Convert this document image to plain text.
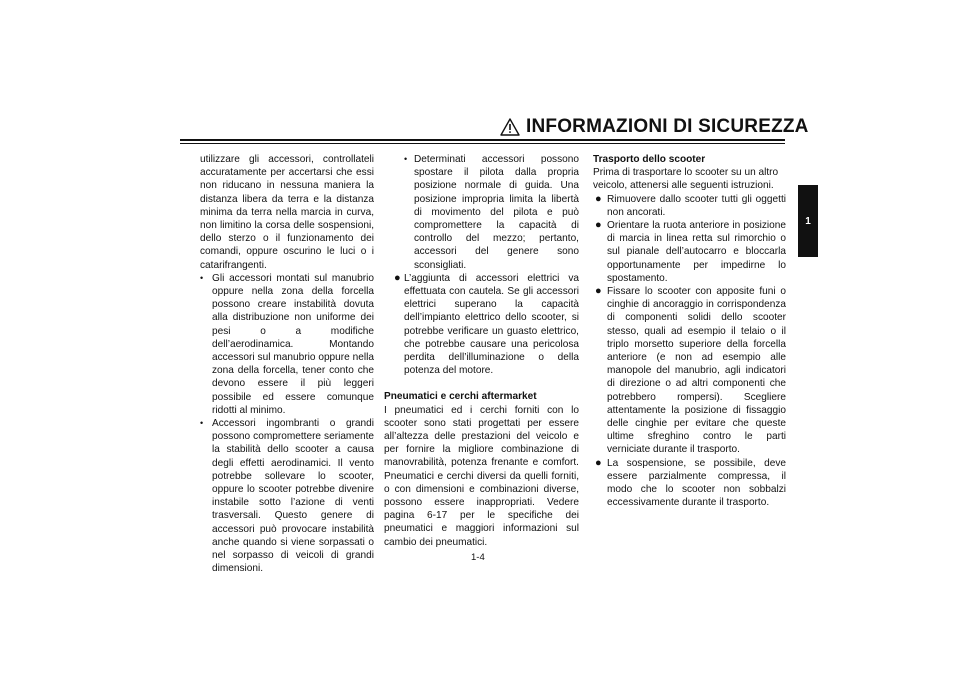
INFORMAZIONI DI SICUREZZA
1

utilizzare gli accessori, controllateli accuratamente per accertarsi che essi non riducano in nessuna maniera la distanza libera da terra e la distanza minima da terra nella marcia in curva, non limitino la corsa delle sospensioni, dello sterzo o il funzionamento dei comandi, oppure oscurino le luci o i catarifrangenti.

• Gli accessori montati sul manubrio oppure nella zona della forcella possono creare instabilità dovuta alla distribuzione non uniforme dei pesi o a modifiche dell’aerodinamica. Montando accessori sul manubrio oppure nella zona della forcella, tener conto che devono essere il più leggeri possibile ed essere comunque ridotti al minimo.
• Accessori ingombranti o grandi possono compromettere seriamente la stabilità dello scooter a causa degli effetti aerodinamici. Il vento potrebbe sollevare lo scooter, oppure lo scooter potrebbe divenire instabile sotto l’azione di venti trasversali. Questo genere di accessori può provocare instabilità anche quando si viene sorpassati o nel sorpasso di veicoli di grandi dimensioni.
• Determinati accessori possono spostare il pilota dalla propria posizione normale di guida. Una posizione impropria limita la libertà di movimento del pilota e può compromettere la capacità di controllo del mezzo; pertanto, accessori del genere sono sconsigliati.
● L’aggiunta di accessori elettrici va effettuata con cautela. Se gli accessori elettrici superano la capacità dell’impianto elettrico dello scooter, si potrebbe verificare un guasto elettrico, che potrebbe causare una pericolosa perdita dell’illuminazione o della potenza del motore.

Pneumatici e cerchi aftermarket

I pneumatici ed i cerchi forniti con lo scooter sono stati progettati per essere all’altezza delle prestazioni del veicolo e per fornire la migliore combinazione di manovrabilità, potenza frenante e comfort. Pneumatici e cerchi diversi da quelli forniti, o con dimensioni e combinazioni diverse, possono essere inappropriati. Vedere pagina 6-17 per le specifiche dei pneumatici e maggiori informazioni sul cambio dei pneumatici.

Trasporto dello scooter

Prima di trasportare lo scooter su un altro veicolo, attenersi alle seguenti istruzioni.

● Rimuovere dallo scooter tutti gli oggetti non ancorati.
● Orientare la ruota anteriore in posizione di marcia in linea retta sul rimorchio o sul pianale dell’autocarro e bloccarla opportunamente per impedirne lo spostamento.
● Fissare lo scooter con apposite funi o cinghie di ancoraggio in corrispondenza di componenti solidi dello scooter stesso, quali ad esempio il telaio o il triplo morsetto superiore della forcella anteriore (e non ad esempio alle manopole del manubrio, agli indicatori di direzione o ad altri componenti che potrebbero rompersi). Scegliere attentamente la posizione di fissaggio delle cinghie per evitare che queste ultime sfreghino contro le parti verniciate durante il trasporto.
● La sospensione, se possibile, deve essere parzialmente compressa, il modo che lo scooter non sobbalzi eccessivamente durante il trasporto.
1-4
